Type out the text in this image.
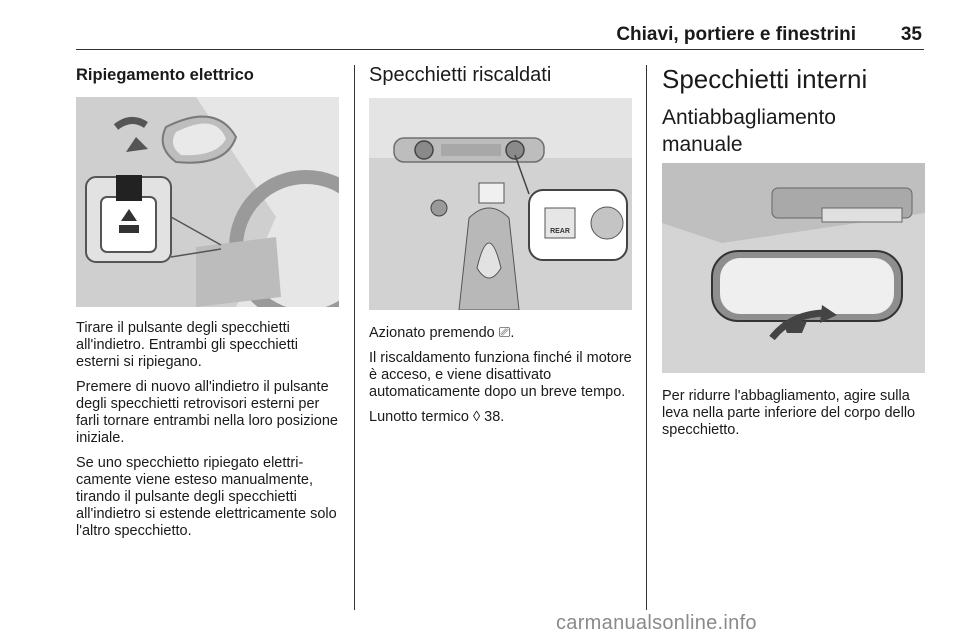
Chiavi, portiere e finestrini	35
Ripiegamento elettrico

Tirare il pulsante degli specchietti all'indietro. Entrambi gli specchietti esterni si ripiegano.

Premere di nuovo all'indietro il pulsante degli specchietti retrovisori esterni per farli tornare entrambi nella loro posizione iniziale.

Se uno specchietto ripiegato elettri-camente viene esteso manualmente, tirando il pulsante degli specchietti all'indietro si estende elettricamente solo l'altro specchietto.

Specchietti riscaldati
REAR

Azionato premendo ⎚.

Il riscaldamento funziona finché il motore è acceso, e viene disattivato automaticamente dopo un breve tempo.

Lunotto termico ◊ 38.

Specchietti interni
Antiabbagliamento manuale

Per ridurre l'abbagliamento, agire sulla leva nella parte inferiore del corpo dello specchietto.

carmanualsonline.info
